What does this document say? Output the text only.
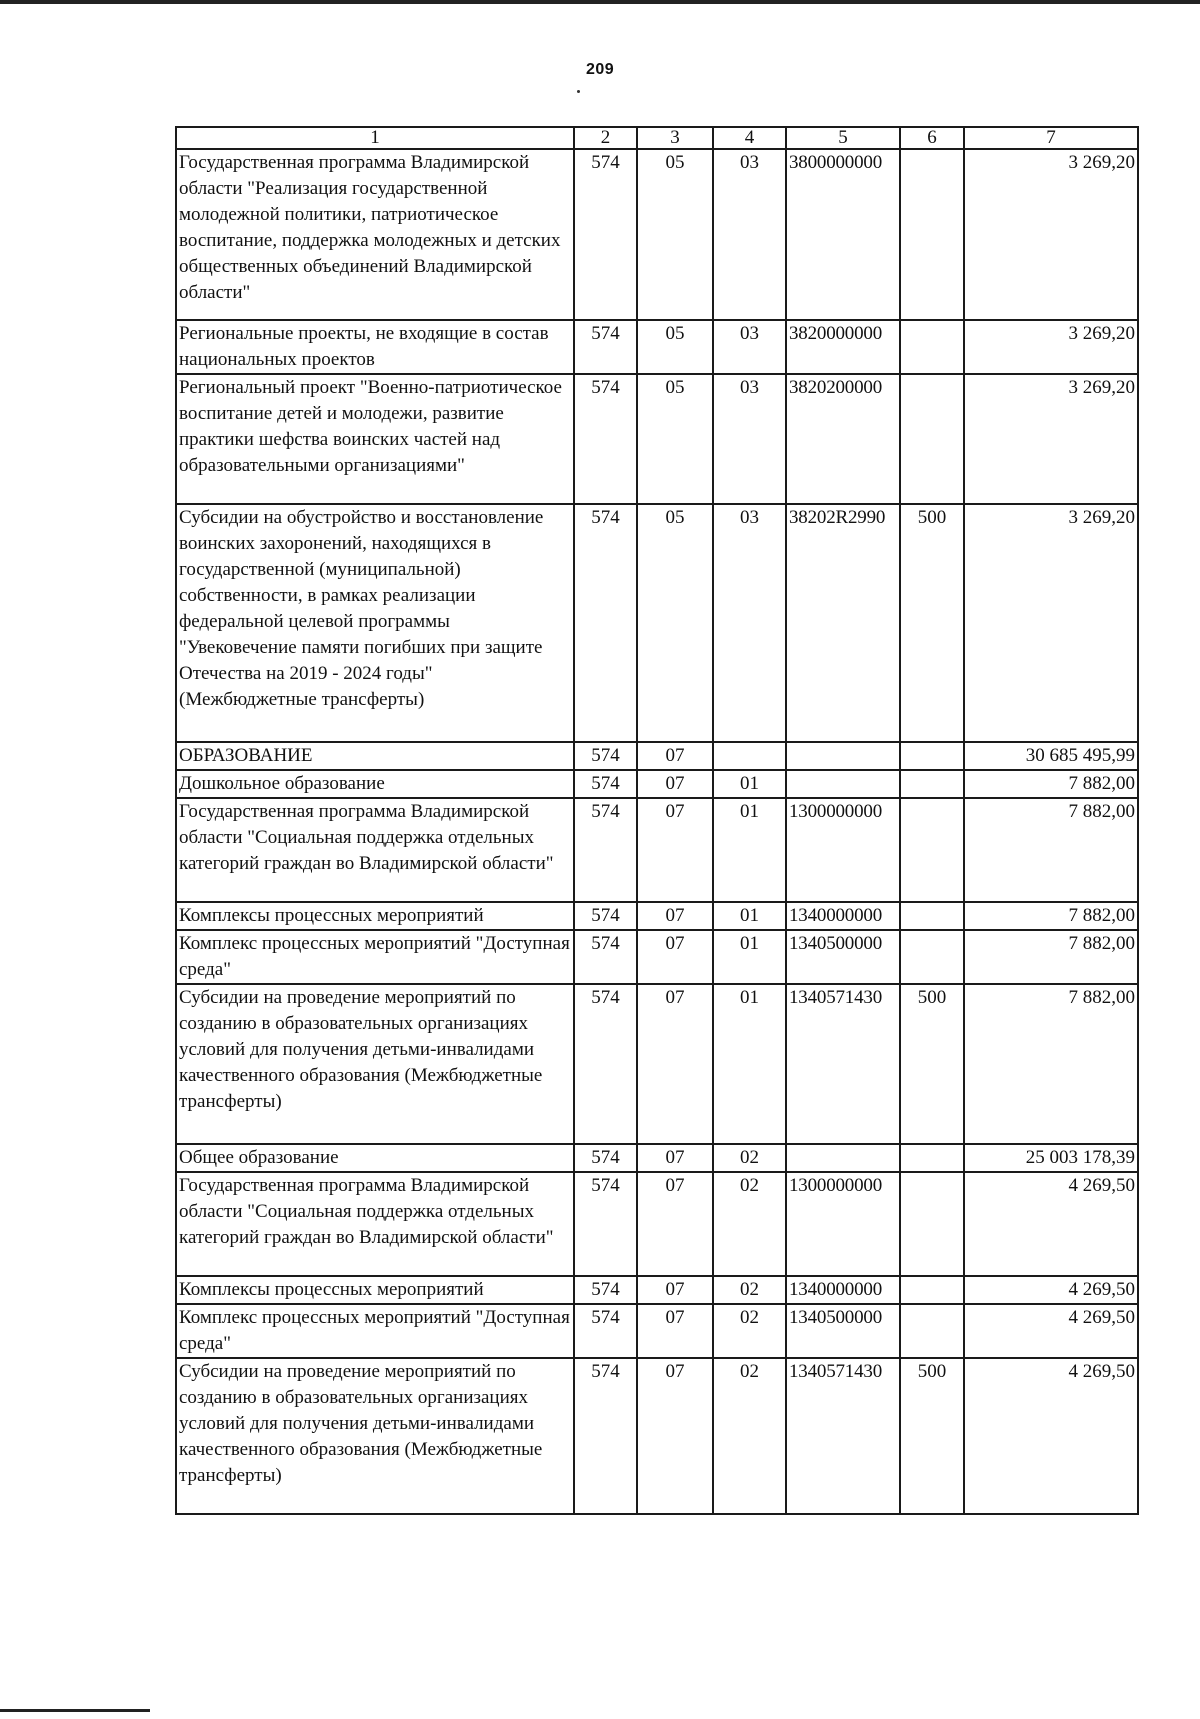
209
1	2	3	4	5	6	7
Государственная программа Владимирской области "Реализация государственной молодежной политики, патриотическое воспитание, поддержка молодежных и детских общественных объединений Владимирской области"	574	05	03	3800000000		3 269,20
Региональные проекты, не входящие в состав национальных проектов	574	05	03	3820000000		3 269,20
Региональный проект "Военно-патриотическое воспитание детей и молодежи, развитие практики шефства воинских частей над образовательными организациями"	574	05	03	3820200000		3 269,20
Субсидии на обустройство и восстановление воинских захоронений, находящихся в государственной (муниципальной) собственности, в рамках реализации федеральной целевой программы "Увековечение памяти погибших при защите Отечества на 2019 - 2024 годы" (Межбюджетные трансферты)	574	05	03	38202R2990	500	3 269,20
ОБРАЗОВАНИЕ	574	07				30 685 495,99
Дошкольное образование	574	07	01			7 882,00
Государственная программа Владимирской области "Социальная поддержка отдельных категорий граждан во Владимирской области"	574	07	01	1300000000		7 882,00
Комплексы процессных мероприятий	574	07	01	1340000000		7 882,00
Комплекс процессных мероприятий "Доступная среда"	574	07	01	1340500000		7 882,00
Субсидии на проведение мероприятий по созданию в образовательных организациях условий для получения детьми-инвалидами качественного образования (Межбюджетные трансферты)	574	07	01	1340571430	500	7 882,00
Общее образование	574	07	02			25 003 178,39
Государственная программа Владимирской области "Социальная поддержка отдельных категорий граждан во Владимирской области"	574	07	02	1300000000		4 269,50
Комплексы процессных мероприятий	574	07	02	1340000000		4 269,50
Комплекс процессных мероприятий "Доступная среда"	574	07	02	1340500000		4 269,50
Субсидии на проведение мероприятий по созданию в образовательных организациях условий для получения детьми-инвалидами качественного образования (Межбюджетные трансферты)	574	07	02	1340571430	500	4 269,50
